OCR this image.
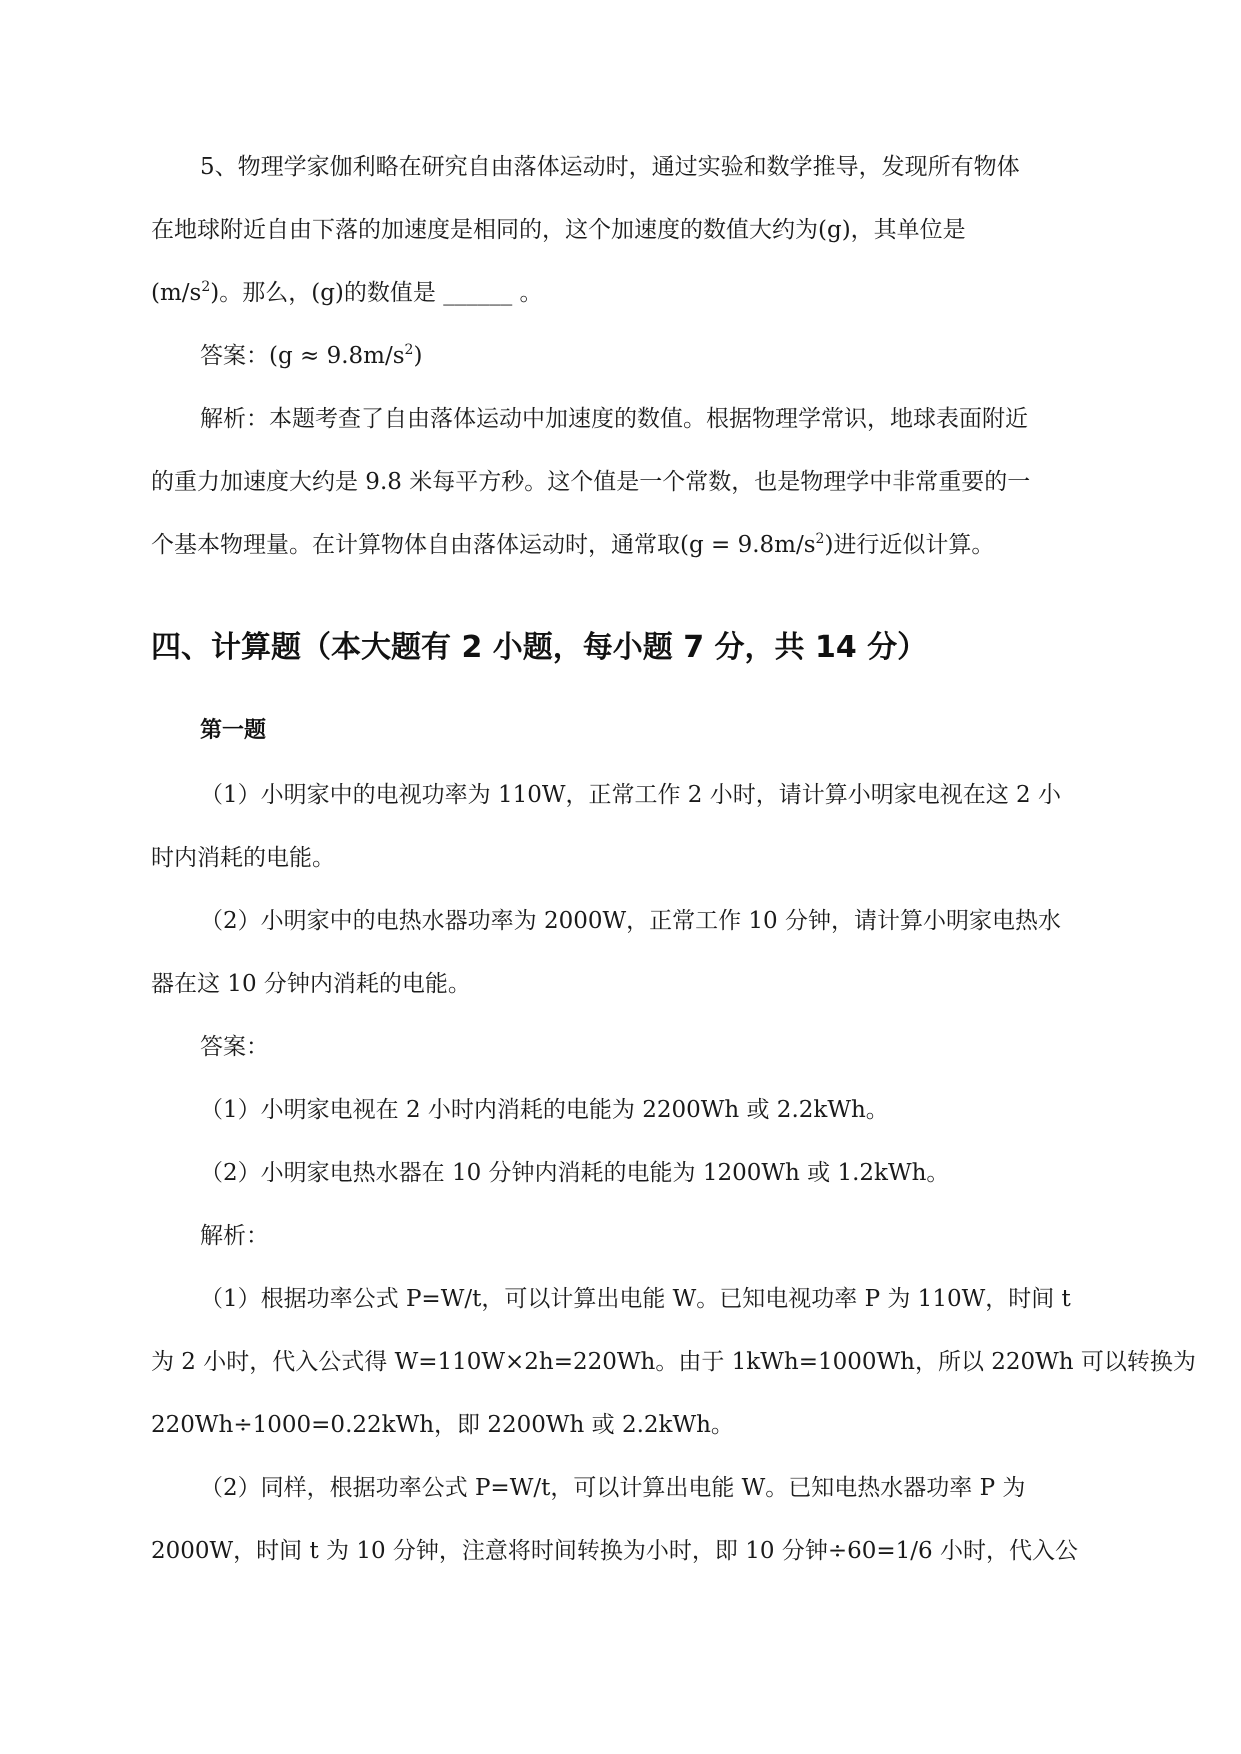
5、物理学家伽利略在研究自由落体运动时，通过实验和数学推导，发现所有物体
在地球附近自由下落的加速度是相同的，这个加速度的数值大约为(g)，其单位是
$(m/s^2)$。那么，(g)的数值是 ______ 。
答案：$(g \approx 9.8m/s^2)$
解析：本题考查了自由落体运动中加速度的数值。根据物理学常识，地球表面附近
的重力加速度大约是 9.8 米每平方秒。这个值是一个常数，也是物理学中非常重要的一
个基本物理量。在计算物体自由落体运动时，通常取$(g = 9.8m/s^2)$进行近似计算。
四、计算题（本大题有 2 小题，每小题 7 分，共 14 分）
第一题
（1）小明家中的电视功率为 110W，正常工作 2 小时，请计算小明家电视在这 2 小
时内消耗的电能。
（2）小明家中的电热水器功率为 2000W，正常工作 10 分钟，请计算小明家电热水
器在这 10 分钟内消耗的电能。
答案：
（1）小明家电视在 2 小时内消耗的电能为 2200Wh 或 2.2kWh。
（2）小明家电热水器在 10 分钟内消耗的电能为 1200Wh 或 1.2kWh。
解析：
（1）根据功率公式 P=W/t，可以计算出电能 W。已知电视功率 P 为 110W，时间 t
为 2 小时，代入公式得 W=110W×2h=220Wh。由于 1kWh=1000Wh，所以 220Wh 可以转换为
220Wh÷1000=0.22kWh，即 2200Wh 或 2.2kWh。
（2）同样，根据功率公式 P=W/t，可以计算出电能 W。已知电热水器功率 P 为
2000W，时间 t 为 10 分钟，注意将时间转换为小时，即 10 分钟÷60=1/6 小时，代入公
